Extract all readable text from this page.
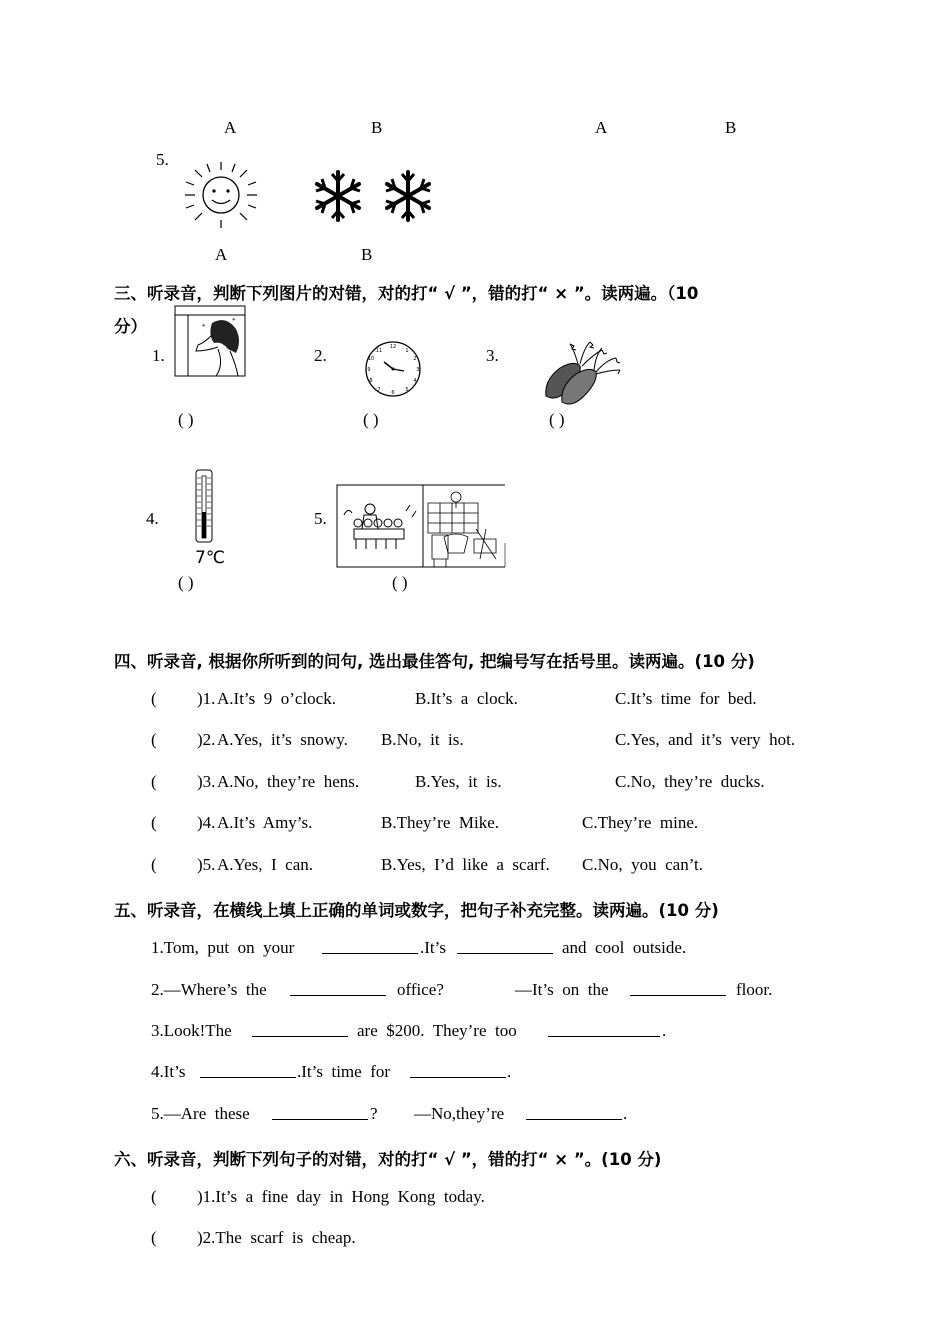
A	B	A	B
5.
A	B
三、听录音，判断下列图片的对错，对的打“ √ ”，错的打“ × ”。读两遍。（10
分）
1.
*
*
( )
2.	12
1
2
3
4
5
6
7
8
9
10
11
( )
3.
( )
4.
7℃
( )
5.
( )
四、听录音, 根据你所听到的问句, 选出最佳答句, 把编号写在括号里。读两遍。(10 分)
( )1. A.It’s  9  o’clock.	B.It’s  a  clock.	C.It’s  time  for  bed.
( )2. A.Yes,  it’s  snowy. B.No,  it  is.	C.Yes,  and  it’s  very  hot.
( )3. A.No,  they’re  hens.	B.Yes,  it  is.	C.No,  they’re  ducks.
( )4. A.It’s  Amy’s.	B.They’re  Mike.	C.They’re  mine.
( )5. A.Yes,  I  can.	B.Yes,  I’d  like  a  scarf. C.No,  you  can’t.
五、听录音，在横线上填上正确的单词或数字，把句子补充完整。读两遍。(10 分)
1.Tom,  put  on  your	.It’s	and  cool  outside.
2.—Where’s  the	office?	—It’s  on  the	floor.
3.Look!The	are  $200.  They’re  too	.
4.It’s	.It’s  time  for	.
5.—Are  these	? —No,they’re	.
六、听录音，判断下列句子的对错，对的打“ √ ”，错的打“ × ”。(10 分)
( )1.It’s  a  fine  day  in  Hong  Kong  today.
( )2.The  scarf  is  cheap.
